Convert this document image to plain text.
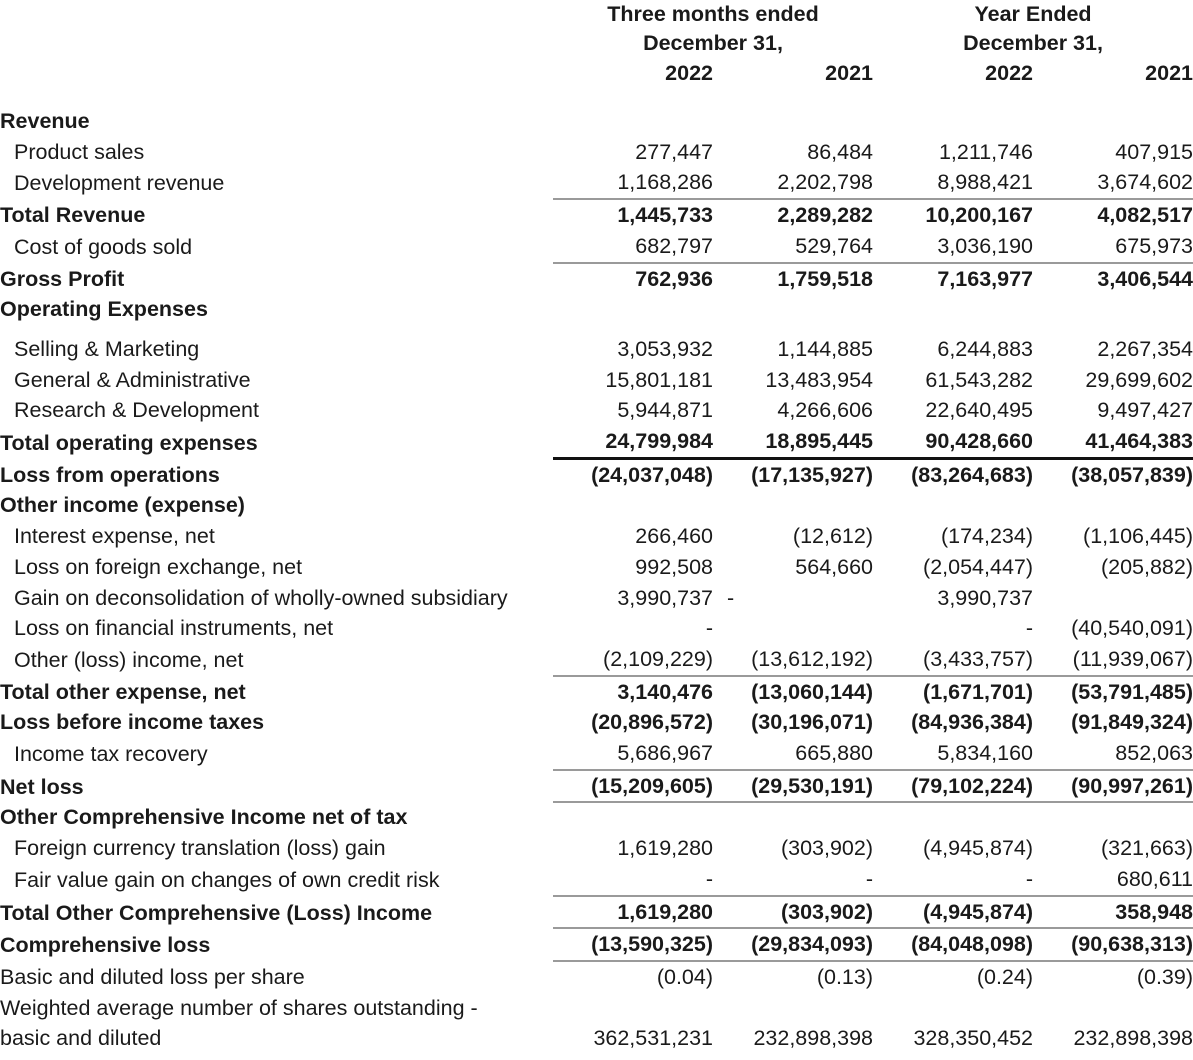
Three months ended
December 31,

Year Ended
December 31,

	2022	2021	2022	2021

Revenue				
Product sales	277,447	86,484	1,211,746	407,915
Development revenue	1,168,286	2,202,798	8,988,421	3,674,602
Total Revenue	1,445,733	2,289,282	10,200,167	4,082,517
Cost of goods sold	682,797	529,764	3,036,190	675,973
Gross Profit	762,936	1,759,518	7,163,977	3,406,544
Operating Expenses				

Selling & Marketing	3,053,932	1,144,885	6,244,883	2,267,354
General & Administrative	15,801,181	13,483,954	61,543,282	29,699,602
Research & Development	5,944,871	4,266,606	22,640,495	9,497,427
Total operating expenses	24,799,984	18,895,445	90,428,660	41,464,383
Loss from operations	(24,037,048)	(17,135,927)	(83,264,683)	(38,057,839)
Other income (expense)				
Interest expense, net	266,460	(12,612)	(174,234)	(1,106,445)
Loss on foreign exchange, net	992,508	564,660	(2,054,447)	(205,882)
Gain on deconsolidation of wholly-owned subsidiary	3,990,737	-	3,990,737	
Loss on financial instruments, net	-		-	(40,540,091)
Other (loss) income, net	(2,109,229)	(13,612,192)	(3,433,757)	(11,939,067)
Total other expense, net	3,140,476	(13,060,144)	(1,671,701)	(53,791,485)
Loss before income taxes	(20,896,572)	(30,196,071)	(84,936,384)	(91,849,324)
Income tax recovery	5,686,967	665,880	5,834,160	852,063
Net loss	(15,209,605)	(29,530,191)	(79,102,224)	(90,997,261)
Other Comprehensive Income net of tax				
Foreign currency translation (loss) gain	1,619,280	(303,902)	(4,945,874)	(321,663)
Fair value gain on changes of own credit risk	-	-	-	680,611
Total Other Comprehensive (Loss) Income	1,619,280	(303,902)	(4,945,874)	358,948
Comprehensive loss	(13,590,325)	(29,834,093)	(84,048,098)	(90,638,313)
Basic and diluted loss per share	(0.04)	(0.13)	(0.24)	(0.39)
Weighted average number of shares outstanding -				
basic and diluted	362,531,231	232,898,398	328,350,452	232,898,398
